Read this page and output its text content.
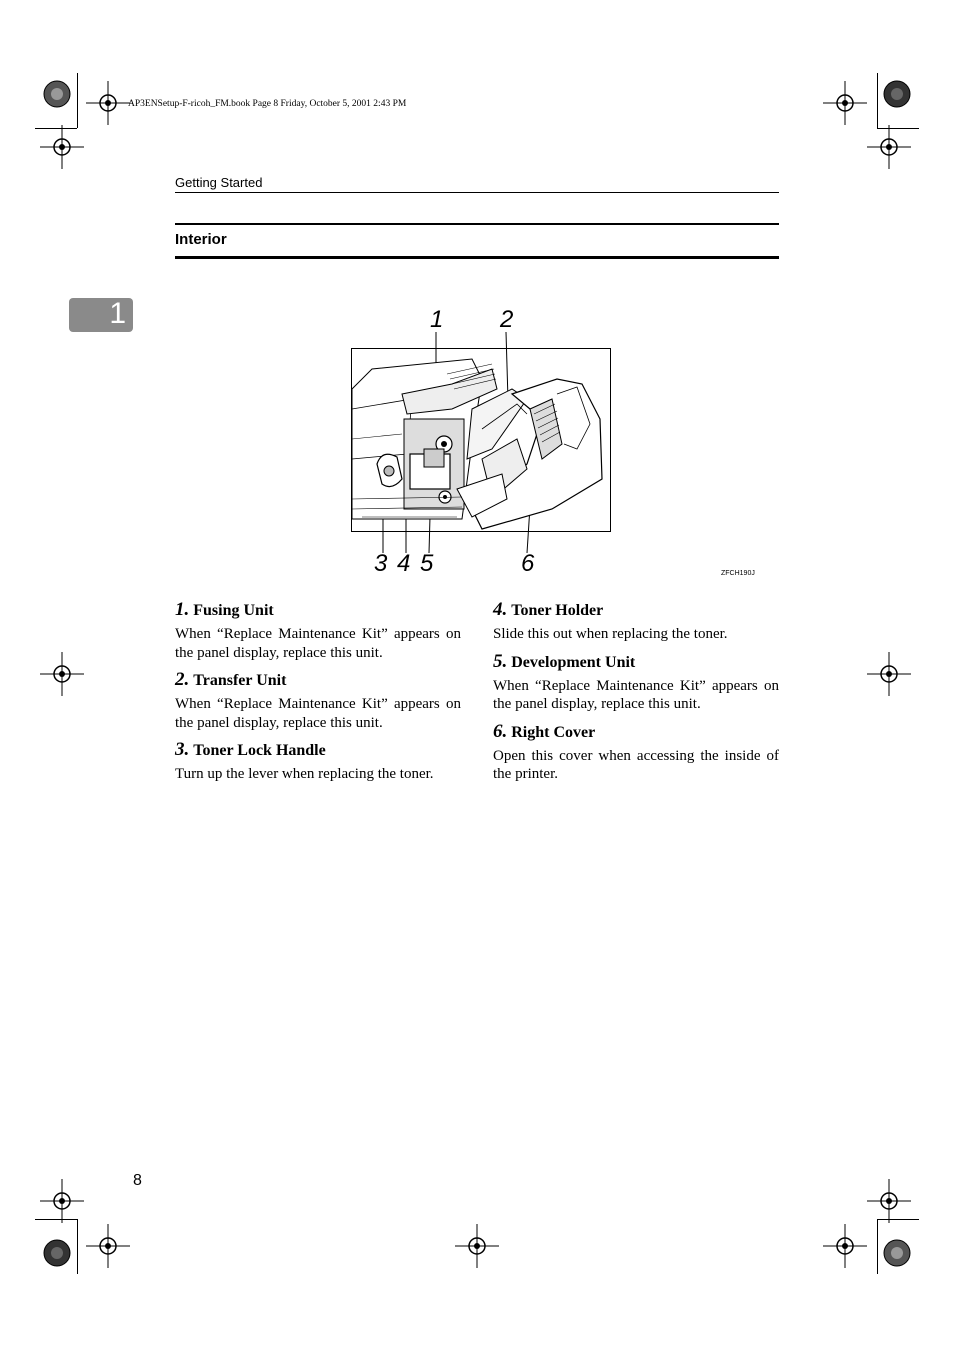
AP3ENSetup-F-ricoh_FM.book Page 8 Friday, October 5, 2001 2:43 PM
Getting Started
Interior
1	1 2
3 4 5	6	ZFCH190J

1. Fusing Unit

When “Replace Maintenance Kit” appears on the panel display, replace this unit.

2. Transfer Unit

When “Replace Maintenance Kit” appears on the panel display, replace this unit.

3. Toner Lock Handle

Turn up the lever when replacing the toner.

4. Toner Holder

Slide this out when replacing the toner.

5. Development Unit

When “Replace Maintenance Kit” appears on the panel display, replace this unit.

6. Right Cover

Open this cover when accessing the inside of the printer.

8
